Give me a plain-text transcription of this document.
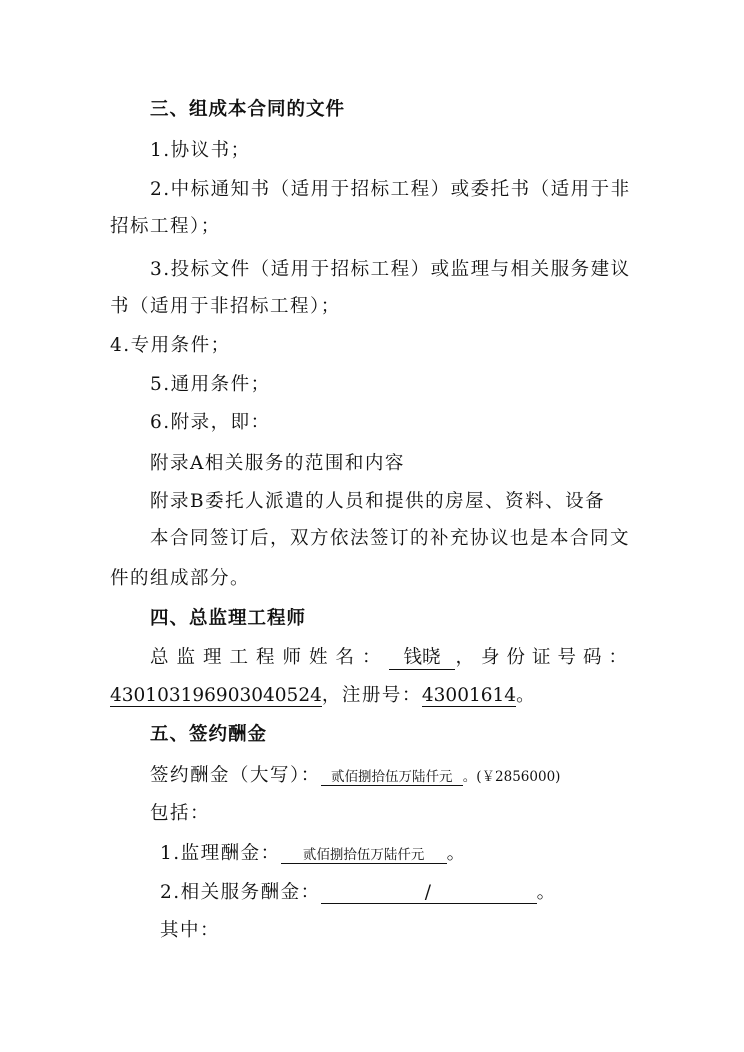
三、组成本合同的文件
1.协议书；
2.中标通知书（适用于招标工程）或委托书（适用于非
招标工程）；
3.投标文件（适用于招标工程）或监理与相关服务建议
书（适用于非招标工程）；
4.专用条件；
5.通用条件；
6.附录，即：
附录A相关服务的范围和内容
附录B委托人派遣的人员和提供的房屋、资料、设备
本合同签订后，双方依法签订的补充协议也是本合同文
件的组成部分。
四、总监理工程师
总监理工程师姓名： 钱晓 ，身份证号码：
430103196903040524，注册号：43001614。
五、签约酬金
签约酬金（大写）： 贰佰捌拾伍万陆仟元 。(￥2856000)
包括：
1.监理酬金： 贰佰捌拾伍万陆仟元 。
2.相关服务酬金：	/	。
其中：
